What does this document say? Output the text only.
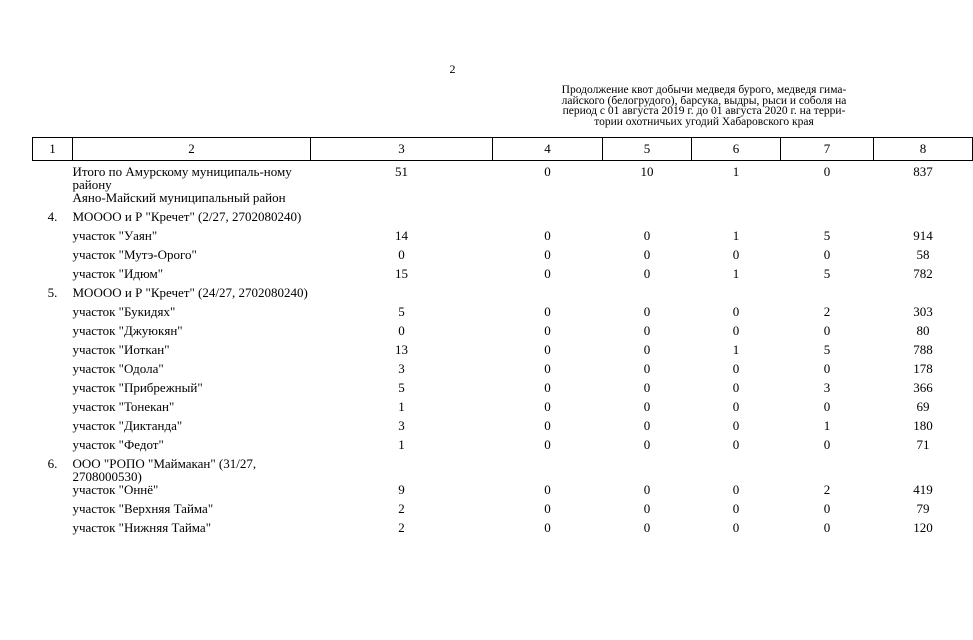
2
Продолжение квот добычи медведя бурого, медведя гима-
лайского (белогрудого), барсука, выдры, рыси и соболя на
период с 01 августа 2019 г. до 01 августа 2020 г. на терри-
тории охотничьих угодий Хабаровского края
1	2	3	4	5	6	7	8
	Итого по Амурскому муниципаль-ному району	51	0	10	1	0	837
	Аяно-Майский муниципальный район						
4.	МОООО и Р "Кречет" (2/27, 2702080240)						
	участок "Уаян"	14	0	0	1	5	914
	участок "Мутэ-Орого"	0	0	0	0	0	58
	участок "Идюм"	15	0	0	1	5	782
5.	МОООО и Р "Кречет" (24/27, 2702080240)						
	участок "Букидях"	5	0	0	0	2	303
	участок "Джуюкян"	0	0	0	0	0	80
	участок "Иоткан"	13	0	0	1	5	788
	участок "Одола"	3	0	0	0	0	178
	участок "Прибрежный"	5	0	0	0	3	366
	участок "Тонекан"	1	0	0	0	0	69
	участок "Диктанда"	3	0	0	0	1	180
	участок "Федот"	1	0	0	0	0	71
6.	ООО "РОПО "Маймакан" (31/27, 2708000530)						
	участок "Оннё"	9	0	0	0	2	419
	участок "Верхняя Тайма"	2	0	0	0	0	79
	участок "Нижняя Тайма"	2	0	0	0	0	120
